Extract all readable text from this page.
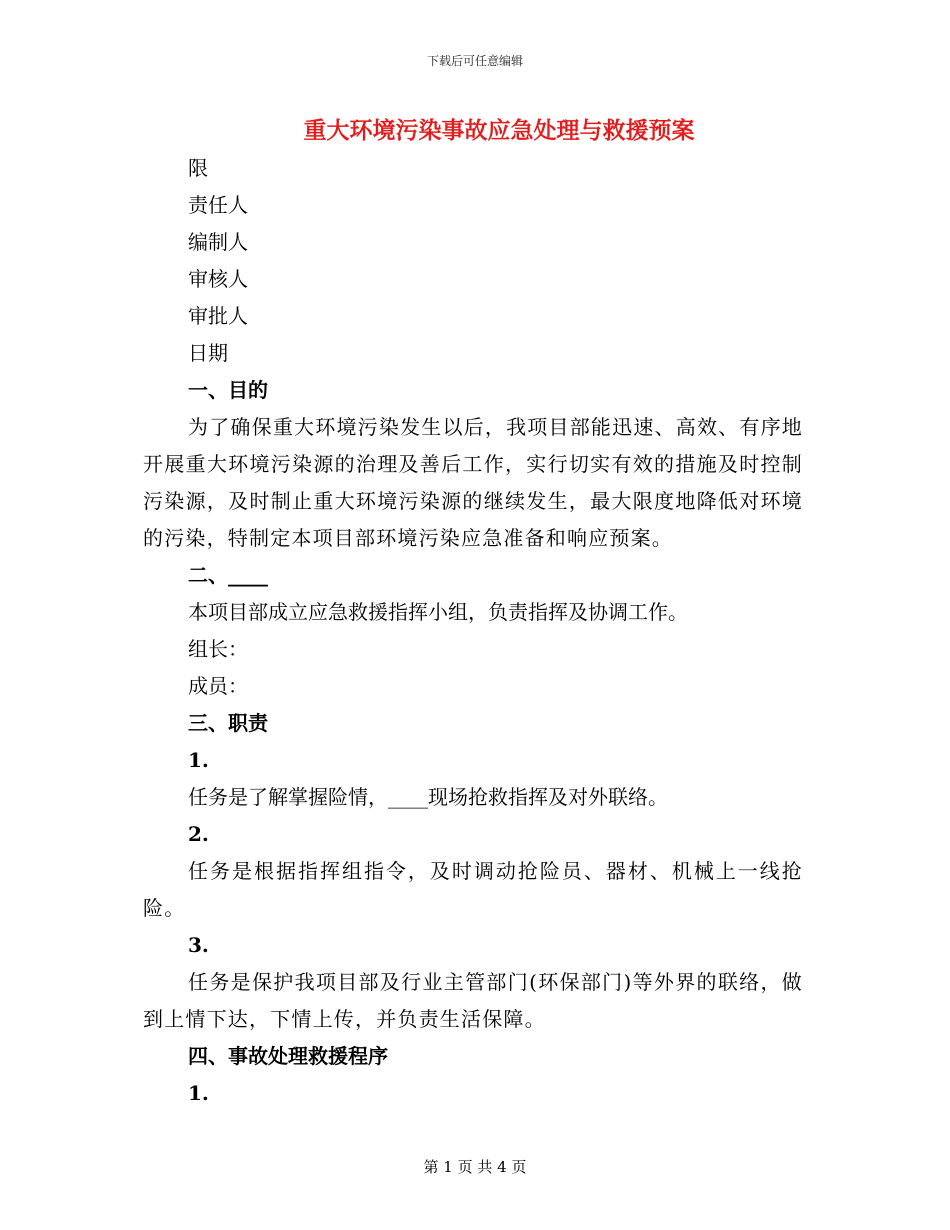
下载后可任意编辑
重大环境污染事故应急处理与救援预案

限

责任人

编制人

审核人

审批人

日期

一、目的

为了确保重大环境污染发生以后，我项目部能迅速、高效、有序地开展重大环境污染源的治理及善后工作，实行切实有效的措施及时控制污染源，及时制止重大环境污染源的继续发生，最大限度地降低对环境的污染，特制定本项目部环境污染应急准备和响应预案。

二、____

本项目部成立应急救援指挥小组，负责指挥及协调工作。

组长：

成员：

三、职责

1.

任务是了解掌握险情，____现场抢救指挥及对外联络。

2.

任务是根据指挥组指令，及时调动抢险员、器材、机械上一线抢险。

3.

任务是保护我项目部及行业主管部门(环保部门)等外界的联络，做到上情下达，下情上传，并负责生活保障。

四、事故处理救援程序

1.

第 1 页 共 4 页
